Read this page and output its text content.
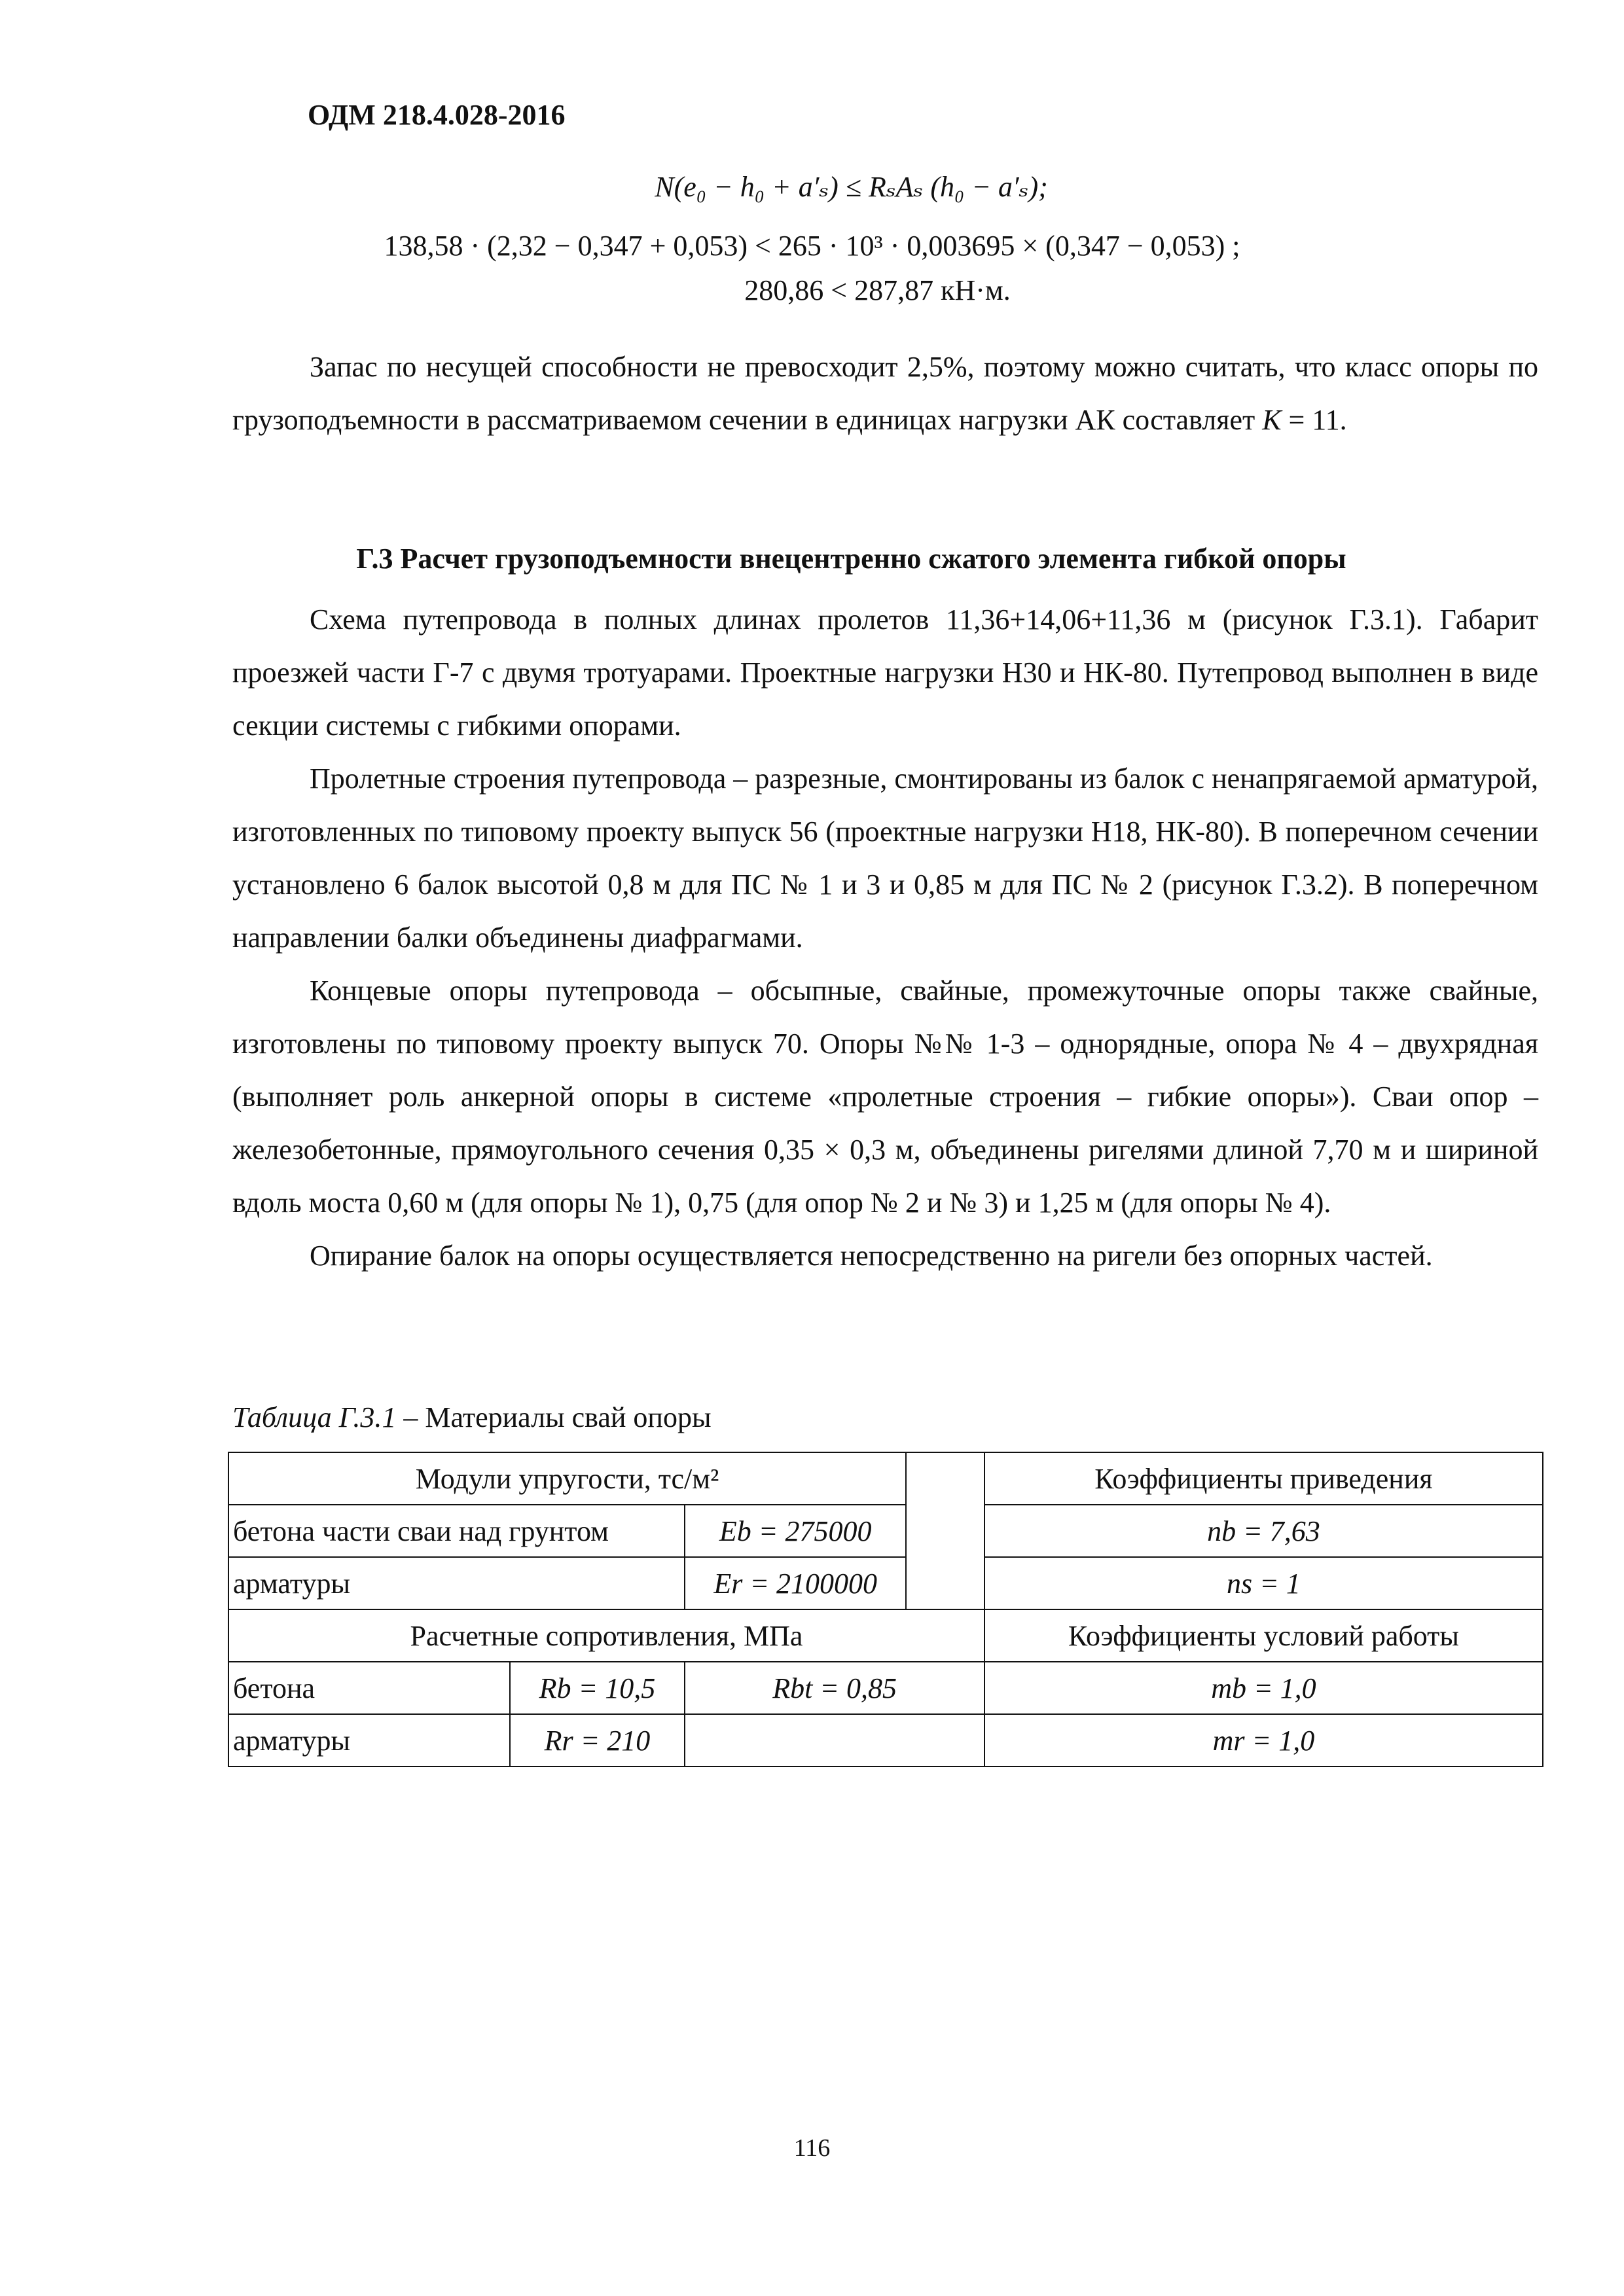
ОДМ 218.4.028-2016
N(e₀ − h₀ + a′ₛ) ≤ RₛAₛ (h₀ − a′ₛ);
138,58 · (2,32 − 0,347 + 0,053) < 265 · 10³ · 0,003695 × (0,347 − 0,053) ;
280,86 < 287,87 кН·м.

Запас по несущей способности не превосходит 2,5%, поэтому можно считать, что класс опоры по грузоподъемности в рассматриваемом сечении в единицах нагрузки АК составляет К = 11.

Г.3 Расчет грузоподъемности внецентренно сжатого элемента гибкой опоры

Схема путепровода в полных длинах пролетов 11,36+14,06+11,36 м (рисунок Г.3.1). Габарит проезжей части Г-7 с двумя тротуарами. Проектные нагрузки Н30 и НК-80. Путепровод выполнен в виде секции системы с гибкими опорами.

Пролетные строения путепровода – разрезные, смонтированы из балок с ненапрягаемой арматурой, изготовленных по типовому проекту выпуск 56 (проектные нагрузки Н18, НК-80). В поперечном сечении установлено 6 балок высотой 0,8 м для ПС № 1 и 3 и 0,85 м для ПС № 2 (рисунок Г.3.2). В поперечном направлении балки объединены диафрагмами.

Концевые опоры путепровода – обсыпные, свайные, промежуточные опоры также свайные, изготовлены по типовому проекту выпуск 70. Опоры №№ 1-3 – однорядные, опора № 4 – двухрядная (выполняет роль анкерной опоры в системе «пролетные строения – гибкие опоры»). Сваи опор – железобетонные, прямоугольного сечения 0,35 × 0,3 м, объединены ригелями длиной 7,70 м и шириной вдоль моста 0,60 м (для опоры № 1), 0,75 (для опор № 2 и № 3) и 1,25 м (для опоры № 4).

Опирание балок на опоры осуществляется непосредственно на ригели без опорных частей.

Таблица Г.3.1 – Материалы свай опоры
Модули упругости, тс/м²				Коэффициенты приведения
бетона части сваи над грунтом		Eb = 275000		nb = 7,63
арматуры		Er = 2100000		ns = 1
Расчетные сопротивления, МПа				Коэффициенты условий работы
бетона	Rb = 10,5	Rbt = 0,85		mb = 1,0
арматуры	Rr = 210			mr = 1,0
116
